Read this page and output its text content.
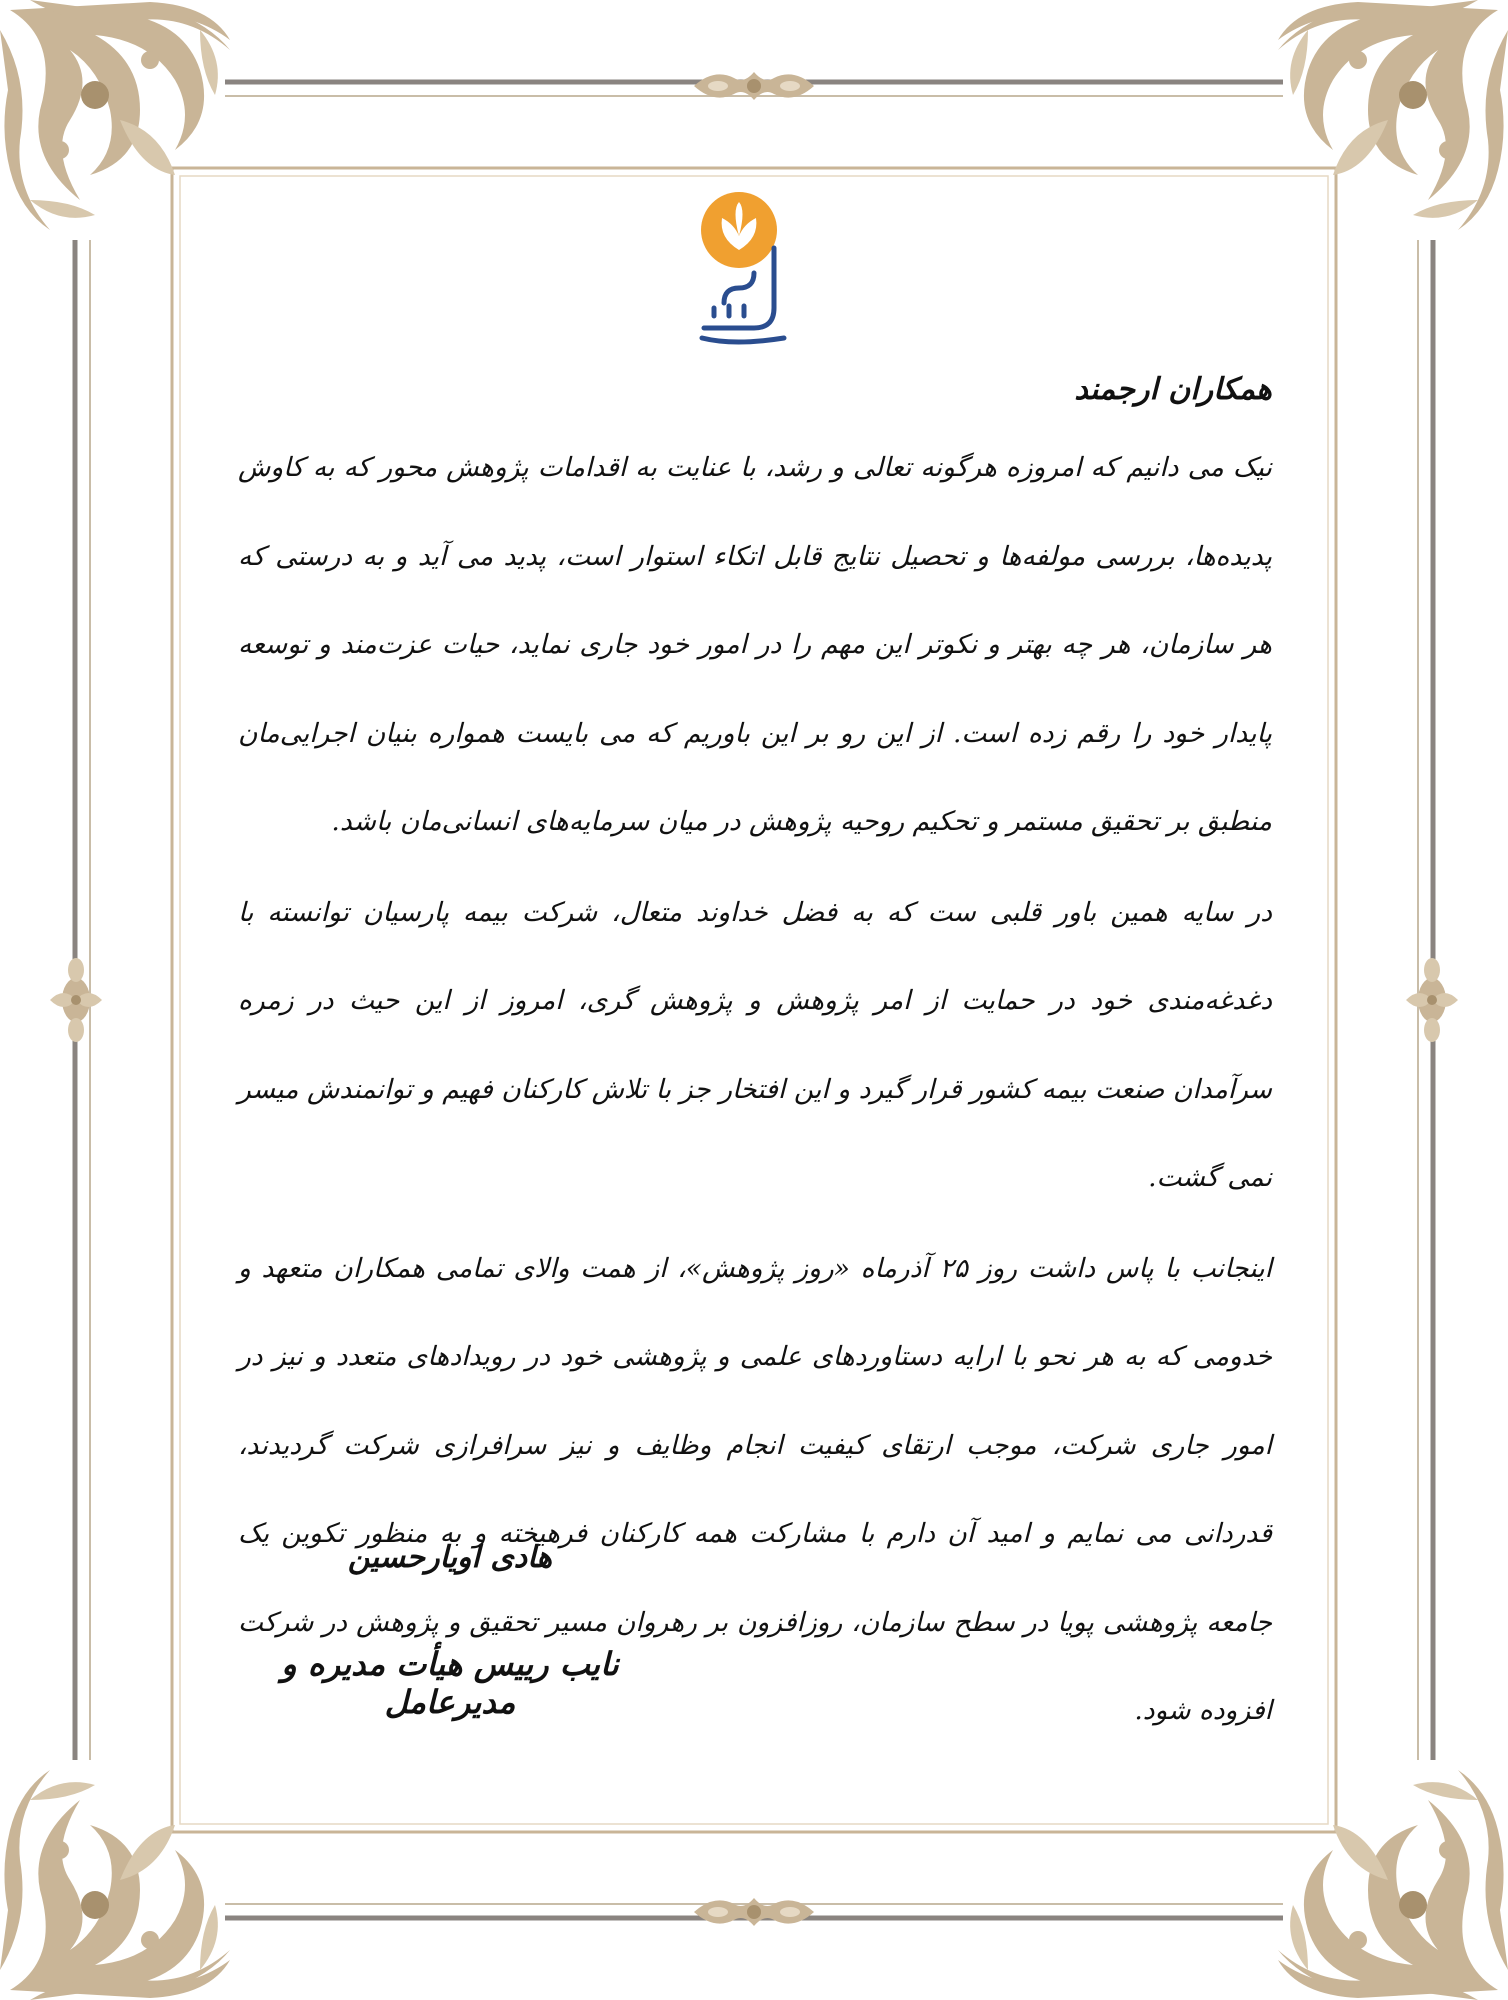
بیمه پارسیان
همکاران ارجمند

نیک می دانیم که امروزه هرگونه تعالی و رشد، با عنایت به اقدامات پژوهش محور که به کاوش پدیده‌ها، بررسی مولفه‌ها و تحصیل نتایج قابل اتکاء استوار است، پدید می آید و به درستی که هر سازمان، هر چه بهتر و نکوتر این مهم را در امور خود جاری نماید، حیات عزت‌مند و توسعه پایدار خود را رقم زده است. از این رو بر این باوریم که می بایست همواره بنیان اجرایی‌مان منطبق بر تحقیق مستمر و تحکیم روحیه پژوهش در میان سرمایه‌های انسانی‌مان باشد.

در سایه همین باور قلبی ست که به فضل خداوند متعال، شرکت بیمه پارسیان توانسته با دغدغه‌مندی خود در حمایت از امر پژوهش و پژوهش گری، امروز از این حیث در زمره سرآمدان صنعت بیمه کشور قرار گیرد و این افتخار جز با تلاش کارکنان فهیم و توانمندش میسر نمی گشت.

اینجانب با پاس داشت روز ۲۵ آذرماه «روز پژوهش»، از همت والای تمامی همکاران متعهد و خدومی که به هر نحو با ارایه دستاوردهای علمی و پژوهشی خود در رویدادهای متعدد و نیز در امور جاری شرکت، موجب ارتقای کیفیت انجام وظایف و نیز سرافرازی شرکت گردیدند، قدردانی می نمایم و امید آن دارم با مشارکت همه کارکنان فرهیخته و به منظور تکوین یک جامعه پژوهشی پویا در سطح سازمان، روزافزون بر رهروان مسیر تحقیق و پژوهش در شرکت افزوده شود.

هادی اویارحسین
نایب رییس هیأت مدیره و مدیرعامل
